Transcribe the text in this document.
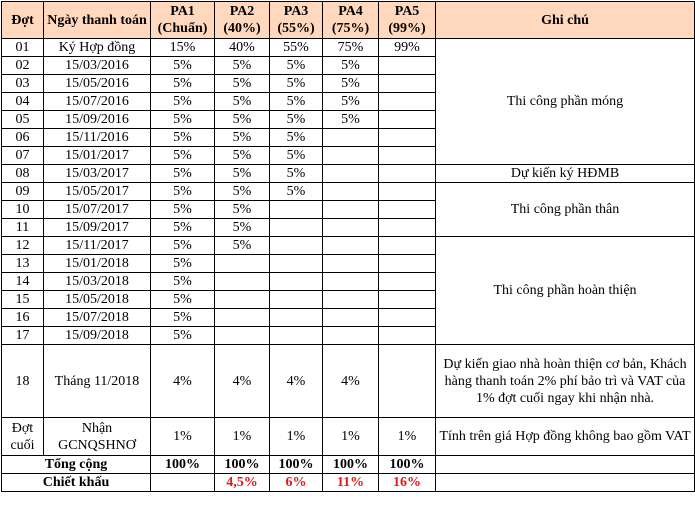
Đợt	Ngày thanh toán	PA1 (Chuẩn)	PA2 (40%)	PA3 (55%)	PA4 (75%)	PA5 (99%)	Ghi chú
01	Ký Hợp đồng	15%	40%	55%	75%	99%	Thi công phần móng
02	15/03/2016	5%	5%	5%	5%		
03	15/05/2016	5%	5%	5%	5%		
04	15/07/2016	5%	5%	5%	5%		
05	15/09/2016	5%	5%	5%	5%		
06	15/11/2016	5%	5%	5%			
07	15/01/2017	5%	5%	5%			
08	15/03/2017	5%	5%	5%			Dự kiến ký HĐMB
09	15/05/2017	5%	5%	5%			Thi công phần thân
10	15/07/2017	5%	5%				
11	15/09/2017	5%	5%				
12	15/11/2017	5%	5%				Thi công phần hoàn thiện
13	15/01/2018	5%					
14	15/03/2018	5%					
15	15/05/2018	5%					
16	15/07/2018	5%					
17	15/09/2018	5%					
18	Tháng 11/2018	4%	4%	4%	4%		Dự kiến giao nhà hoàn thiện cơ bản, Khách hàng thanh toán 2% phí bảo trì và VAT của 1% đợt cuối ngay khi nhận nhà.
Đợt cuối	Nhận GCNQSHNƠ	1%	1%	1%	1%	1%	Tính trên giá Hợp đồng không bao gồm VAT
Tổng cộng		100%	100%	100%	100%	100%	
Chiết khấu			4,5%	6%	11%	16%	
